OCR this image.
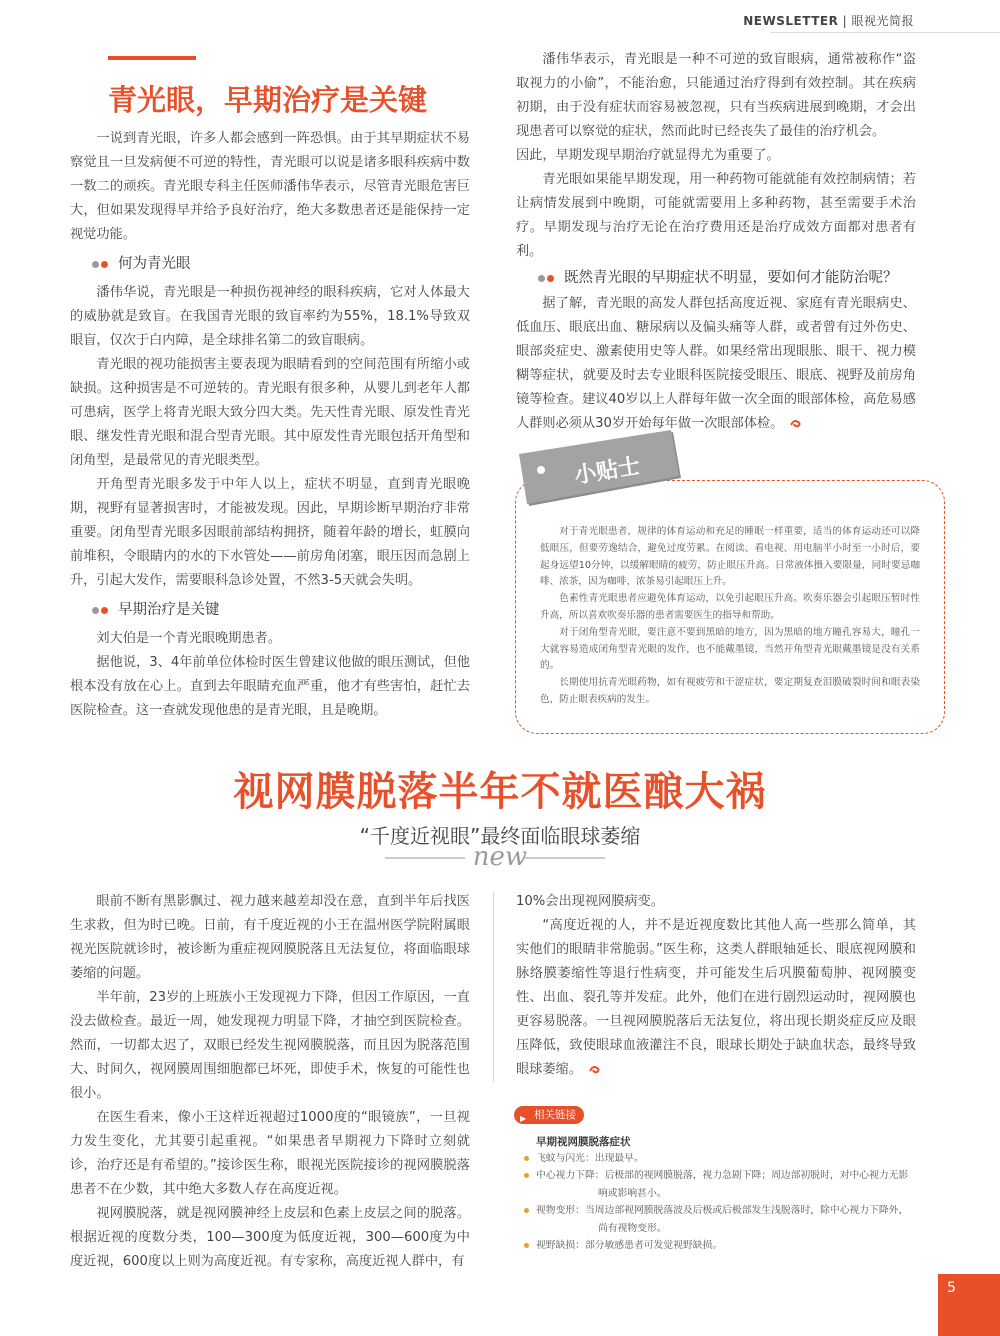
NEWSLETTER | 眼视光简报
青光眼，早期治疗是关键

一说到青光眼，许多人都会感到一阵恐惧。由于其早期症状不易察觉且一旦发病便不可逆的特性，青光眼可以说是诸多眼科疾病中数一数二的顽疾。青光眼专科主任医师潘伟华表示，尽管青光眼危害巨大，但如果发现得早并给予良好治疗，绝大多数患者还是能保持一定视觉功能。

何为青光眼

潘伟华说，青光眼是一种损伤视神经的眼科疾病，它对人体最大的威胁就是致盲。在我国青光眼的致盲率约为55%，18.1%导致双眼盲，仅次于白内障，是全球排名第二的致盲眼病。

青光眼的视功能损害主要表现为眼睛看到的空间范围有所缩小或缺损。这种损害是不可逆转的。青光眼有很多种，从婴儿到老年人都可患病，医学上将青光眼大致分四大类。先天性青光眼、原发性青光眼、继发性青光眼和混合型青光眼。其中原发性青光眼包括开角型和闭角型，是最常见的青光眼类型。

开角型青光眼多发于中年人以上，症状不明显，直到青光眼晚期，视野有显著损害时，才能被发现。因此，早期诊断早期治疗非常重要。闭角型青光眼多因眼前部结构拥挤，随着年龄的增长，虹膜向前堆积，令眼睛内的水的下水管处——前房角闭塞，眼压因而急剧上升，引起大发作，需要眼科急诊处置，不然3-5天就会失明。

早期治疗是关键

刘大伯是一个青光眼晚期患者。

据他说，3、4年前单位体检时医生曾建议他做的眼压测试，但他根本没有放在心上。直到去年眼睛充血严重，他才有些害怕，赶忙去医院检查。这一查就发现他患的是青光眼，且是晚期。

潘伟华表示，青光眼是一种不可逆的致盲眼病，通常被称作“盗取视力的小偷”，不能治愈，只能通过治疗得到有效控制。其在疾病初期，由于没有症状而容易被忽视，只有当疾病进展到晚期，才会出现患者可以察觉的症状，然而此时已经丧失了最佳的治疗机会。

因此，早期发现早期治疗就显得尤为重要了。

青光眼如果能早期发现，用一种药物可能就能有效控制病情；若让病情发展到中晚期，可能就需要用上多种药物，甚至需要手术治疗。早期发现与治疗无论在治疗费用还是治疗成效方面都对患者有利。

既然青光眼的早期症状不明显，要如何才能防治呢？

据了解，青光眼的高发人群包括高度近视、家庭有青光眼病史、低血压、眼底出血、糖尿病以及偏头痛等人群，或者曾有过外伤史、眼部炎症史、激素使用史等人群。如果经常出现眼胀、眼干、视力模糊等症状，就要及时去专业眼科医院接受眼压、眼底、视野及前房角镜等检查。建议40岁以上人群每年做一次全面的眼部体检，高危易感人群则必须从30岁开始每年做一次眼部体检。

小贴士

对于青光眼患者，规律的体育运动和充足的睡眠一样重要，适当的体育运动还可以降低眼压，但要劳逸结合，避免过度劳累。在阅读、看电视、用电脑半小时至一小时后，要起身远望10分钟，以缓解眼睛的疲劳，防止眼压升高。日常液体摄入要限量，同时要忌咖啡、浓茶，因为咖啡、浓茶易引起眼压上升。

色素性青光眼患者应避免体育运动，以免引起眼压升高。吹奏乐器会引起眼压暂时性升高，所以喜欢吹奏乐器的患者需要医生的指导和帮助。

对于闭角型青光眼，要注意不要到黑暗的地方，因为黑暗的地方瞳孔容易大，瞳孔一大就容易造成闭角型青光眼的发作，也不能戴墨镜，当然开角型青光眼戴墨镜是没有关系的。

长期使用抗青光眼药物，如有视疲劳和干涩症状，要定期复查泪膜破裂时间和眼表染色，防止眼表疾病的发生。

视网膜脱落半年不就医酿大祸
“千度近视眼”最终面临眼球萎缩
new

眼前不断有黑影飘过、视力越来越差却没在意，直到半年后找医生求救，但为时已晚。日前，有千度近视的小王在温州医学院附属眼视光医院就诊时，被诊断为重症视网膜脱落且无法复位，将面临眼球萎缩的问题。

半年前，23岁的上班族小王发现视力下降，但因工作原因，一直没去做检查。最近一周，她发现视力明显下降，才抽空到医院检查。然而，一切都太迟了，双眼已经发生视网膜脱落，而且因为脱落范围大、时间久，视网膜周围细胞都已坏死，即使手术，恢复的可能性也很小。

在医生看来，像小王这样近视超过1000度的“眼镜族”，一旦视力发生变化，尤其要引起重视。“如果患者早期视力下降时立刻就诊，治疗还是有希望的。”接诊医生称，眼视光医院接诊的视网膜脱落患者不在少数，其中绝大多数人存在高度近视。

视网膜脱落，就是视网膜神经上皮层和色素上皮层之间的脱落。根据近视的度数分类，100—300度为低度近视，300—600度为中度近视，600度以上则为高度近视。有专家称，高度近视人群中，有

10%会出现视网膜病变。

“高度近视的人，并不是近视度数比其他人高一些那么简单，其实他们的眼睛非常脆弱。”医生称，这类人群眼轴延长、眼底视网膜和脉络膜萎缩性等退行性病变，并可能发生后巩膜葡萄肿、视网膜变性、出血、裂孔等并发症。此外，他们在进行剧烈运动时，视网膜也更容易脱落。一旦视网膜脱落后无法复位，将出现长期炎症反应及眼压降低，致使眼球血液灌注不良，眼球长期处于缺血状态，最终导致眼球萎缩。

▶ 相关链接
早期视网膜脱落症状
飞蚊与闪光：出现最早。
中心视力下降：后极部的视网膜脱落，视力急剧下降；周边部初脱时，对中心视力无影
响或影响甚小。
视物变形：当周边部视网膜脱落波及后极或后极部发生浅脱落时，除中心视力下降外，
尚有视物变形。
视野缺损：部分敏感患者可发觉视野缺损。
5
